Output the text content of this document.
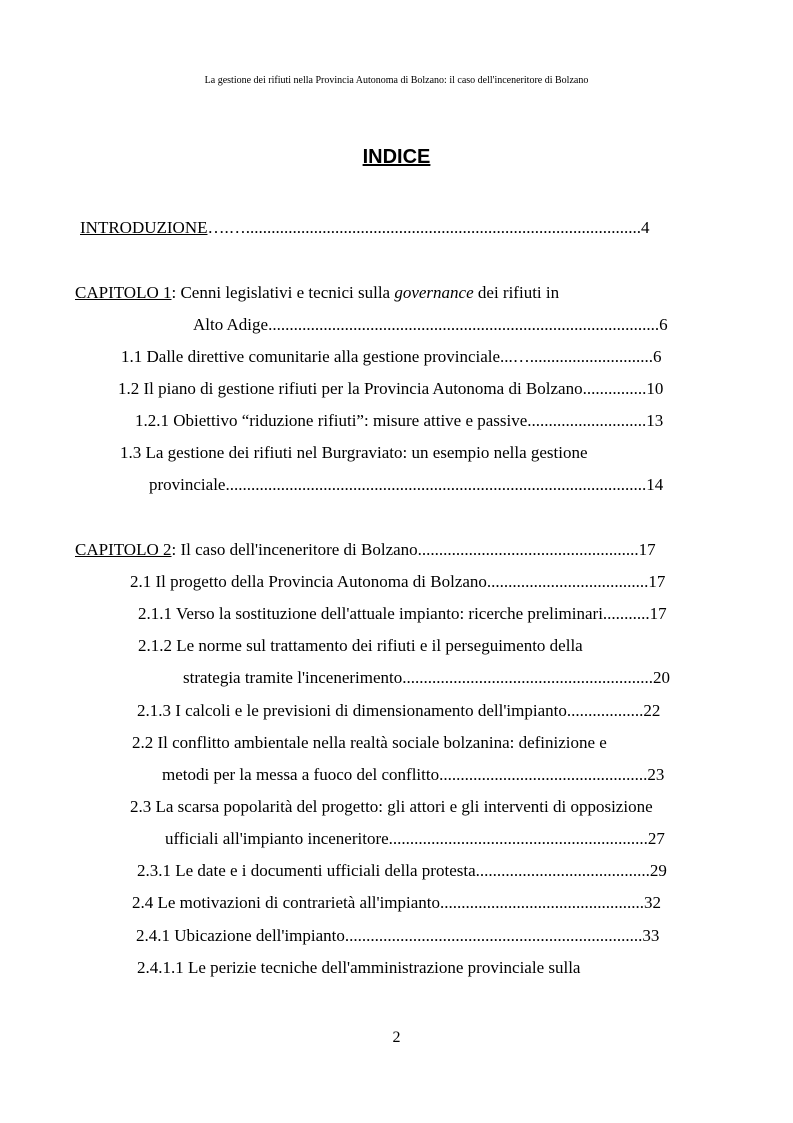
La gestione dei rifiuti nella Provincia Autonoma di Bolzano: il caso dell'inceneritore di Bolzano
INDICE
INTRODUZIONE….….............................................................................................4
CAPITOLO 1: Cenni legislativi e tecnici sulla governance dei rifiuti in
Alto Adige............................................................................................6
1.1 Dalle direttive comunitarie alla gestione provinciale...….............................6
1.2 Il piano di gestione rifiuti per la Provincia Autonoma di Bolzano...............10
1.2.1 Obiettivo “riduzione rifiuti”: misure attive e passive............................13
1.3 La gestione dei rifiuti nel Burgraviato: un esempio nella gestione
provinciale...................................................................................................14
CAPITOLO 2: Il caso dell'inceneritore di Bolzano....................................................17
2.1 Il progetto della Provincia Autonoma di Bolzano......................................17
2.1.1 Verso la sostituzione dell'attuale impianto: ricerche preliminari...........17
2.1.2 Le norme sul trattamento dei rifiuti e il perseguimento della
strategia tramite l'incenerimento...........................................................20
2.1.3 I calcoli e le previsioni di dimensionamento dell'impianto..................22
2.2 Il conflitto ambientale nella realtà sociale bolzanina: definizione e
metodi per la messa a fuoco del conflitto.................................................23
2.3 La scarsa popolarità del progetto: gli attori e gli interventi di opposizione
ufficiali all'impianto inceneritore.............................................................27
2.3.1 Le date e i documenti ufficiali della protesta.........................................29
2.4 Le motivazioni di contrarietà all'impianto................................................32
2.4.1 Ubicazione dell'impianto......................................................................33
2.4.1.1 Le perizie tecniche dell'amministrazione provinciale sulla
2
